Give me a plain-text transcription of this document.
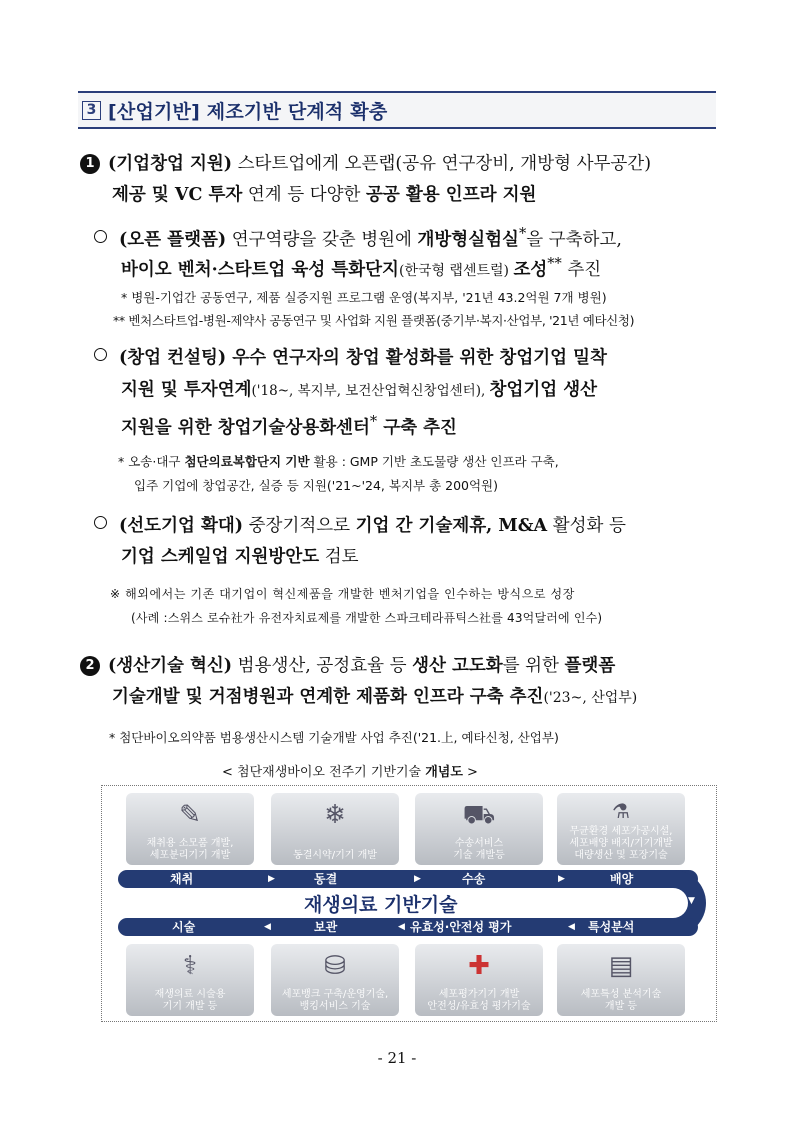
3 [산업기반] 제조기반 단계적 확충
1 (기업창업 지원) 스타트업에게 오픈랩(공유 연구장비, 개방형 사무공간)
제공 및 VC 투자 연계 등 다양한 공공 활용 인프라 지원
(오픈 플랫폼) 연구역량을 갖춘 병원에 개방형실험실*을 구축하고,
바이오 벤처·스타트업 육성 특화단지(한국형 랩센트럴) 조성** 추진
* 병원-기업간 공동연구, 제품 실증지원 프로그램 운영(복지부, '21년 43.2억원 7개 병원)
** 벤처스타트업-병원-제약사 공동연구 및 사업화 지원 플랫폼(중기부·복지·산업부, '21년 예타신청)
(창업 컨설팅) 우수 연구자의 창업 활성화를 위한 창업기업 밀착
지원 및 투자연계('18~, 복지부, 보건산업혁신창업센터), 창업기업 생산
지원을 위한 창업기술상용화센터* 구축 추진
* 오송·대구 첨단의료복합단지 기반 활용 : GMP 기반 초도물량 생산 인프라 구축,
입주 기업에 창업공간, 실증 등 지원('21~'24, 복지부 총 200억원)
(선도기업 확대) 중장기적으로 기업 간 기술제휴, M&A 활성화 등
기업 스케일업 지원방안도 검토
※ 해외에서는 기존 대기업이 혁신제품을 개발한 벤처기업을 인수하는 방식으로 성장
(사례 :스위스 로슈社가 유전자치료제를 개발한 스파크테라퓨틱스社를 43억달러에 인수)
2 (생산기술 혁신) 범용생산, 공정효율 등 생산 고도화를 위한 플랫폼
기술개발 및 거점병원과 연계한 제품화 인프라 구축 추진('23~, 산업부)
* 첨단바이오의약품 범용생산시스템 기술개발 사업 추진('21.上, 예타신청, 산업부)
< 첨단재생바이오 전주기 기반기술 개념도 >
✎
채취용 소모품 개발,
세포분리기기 개발
❄
동결시약/기기 개발
⛟
수송서비스
기술 개발등
⚗
무균환경 세포가공시설,
세포배양 배지/기기개발
대량생산 및 포장기술
채취	동결	수송	배양
▶	▶	▶
▼
재생의료 기반기술
시술	보관	유효성·안전성 평가	특성분석
◀	◀	◀
⚕
재생의료 시술용
기기 개발 등
⛁
세포뱅크 구축/운영기술,
뱅킹서비스 기술
✚
세포평가기기 개발
안전성/유효성 평가기술
▤
세포특성 분석기술
개발 등
- 21 -
